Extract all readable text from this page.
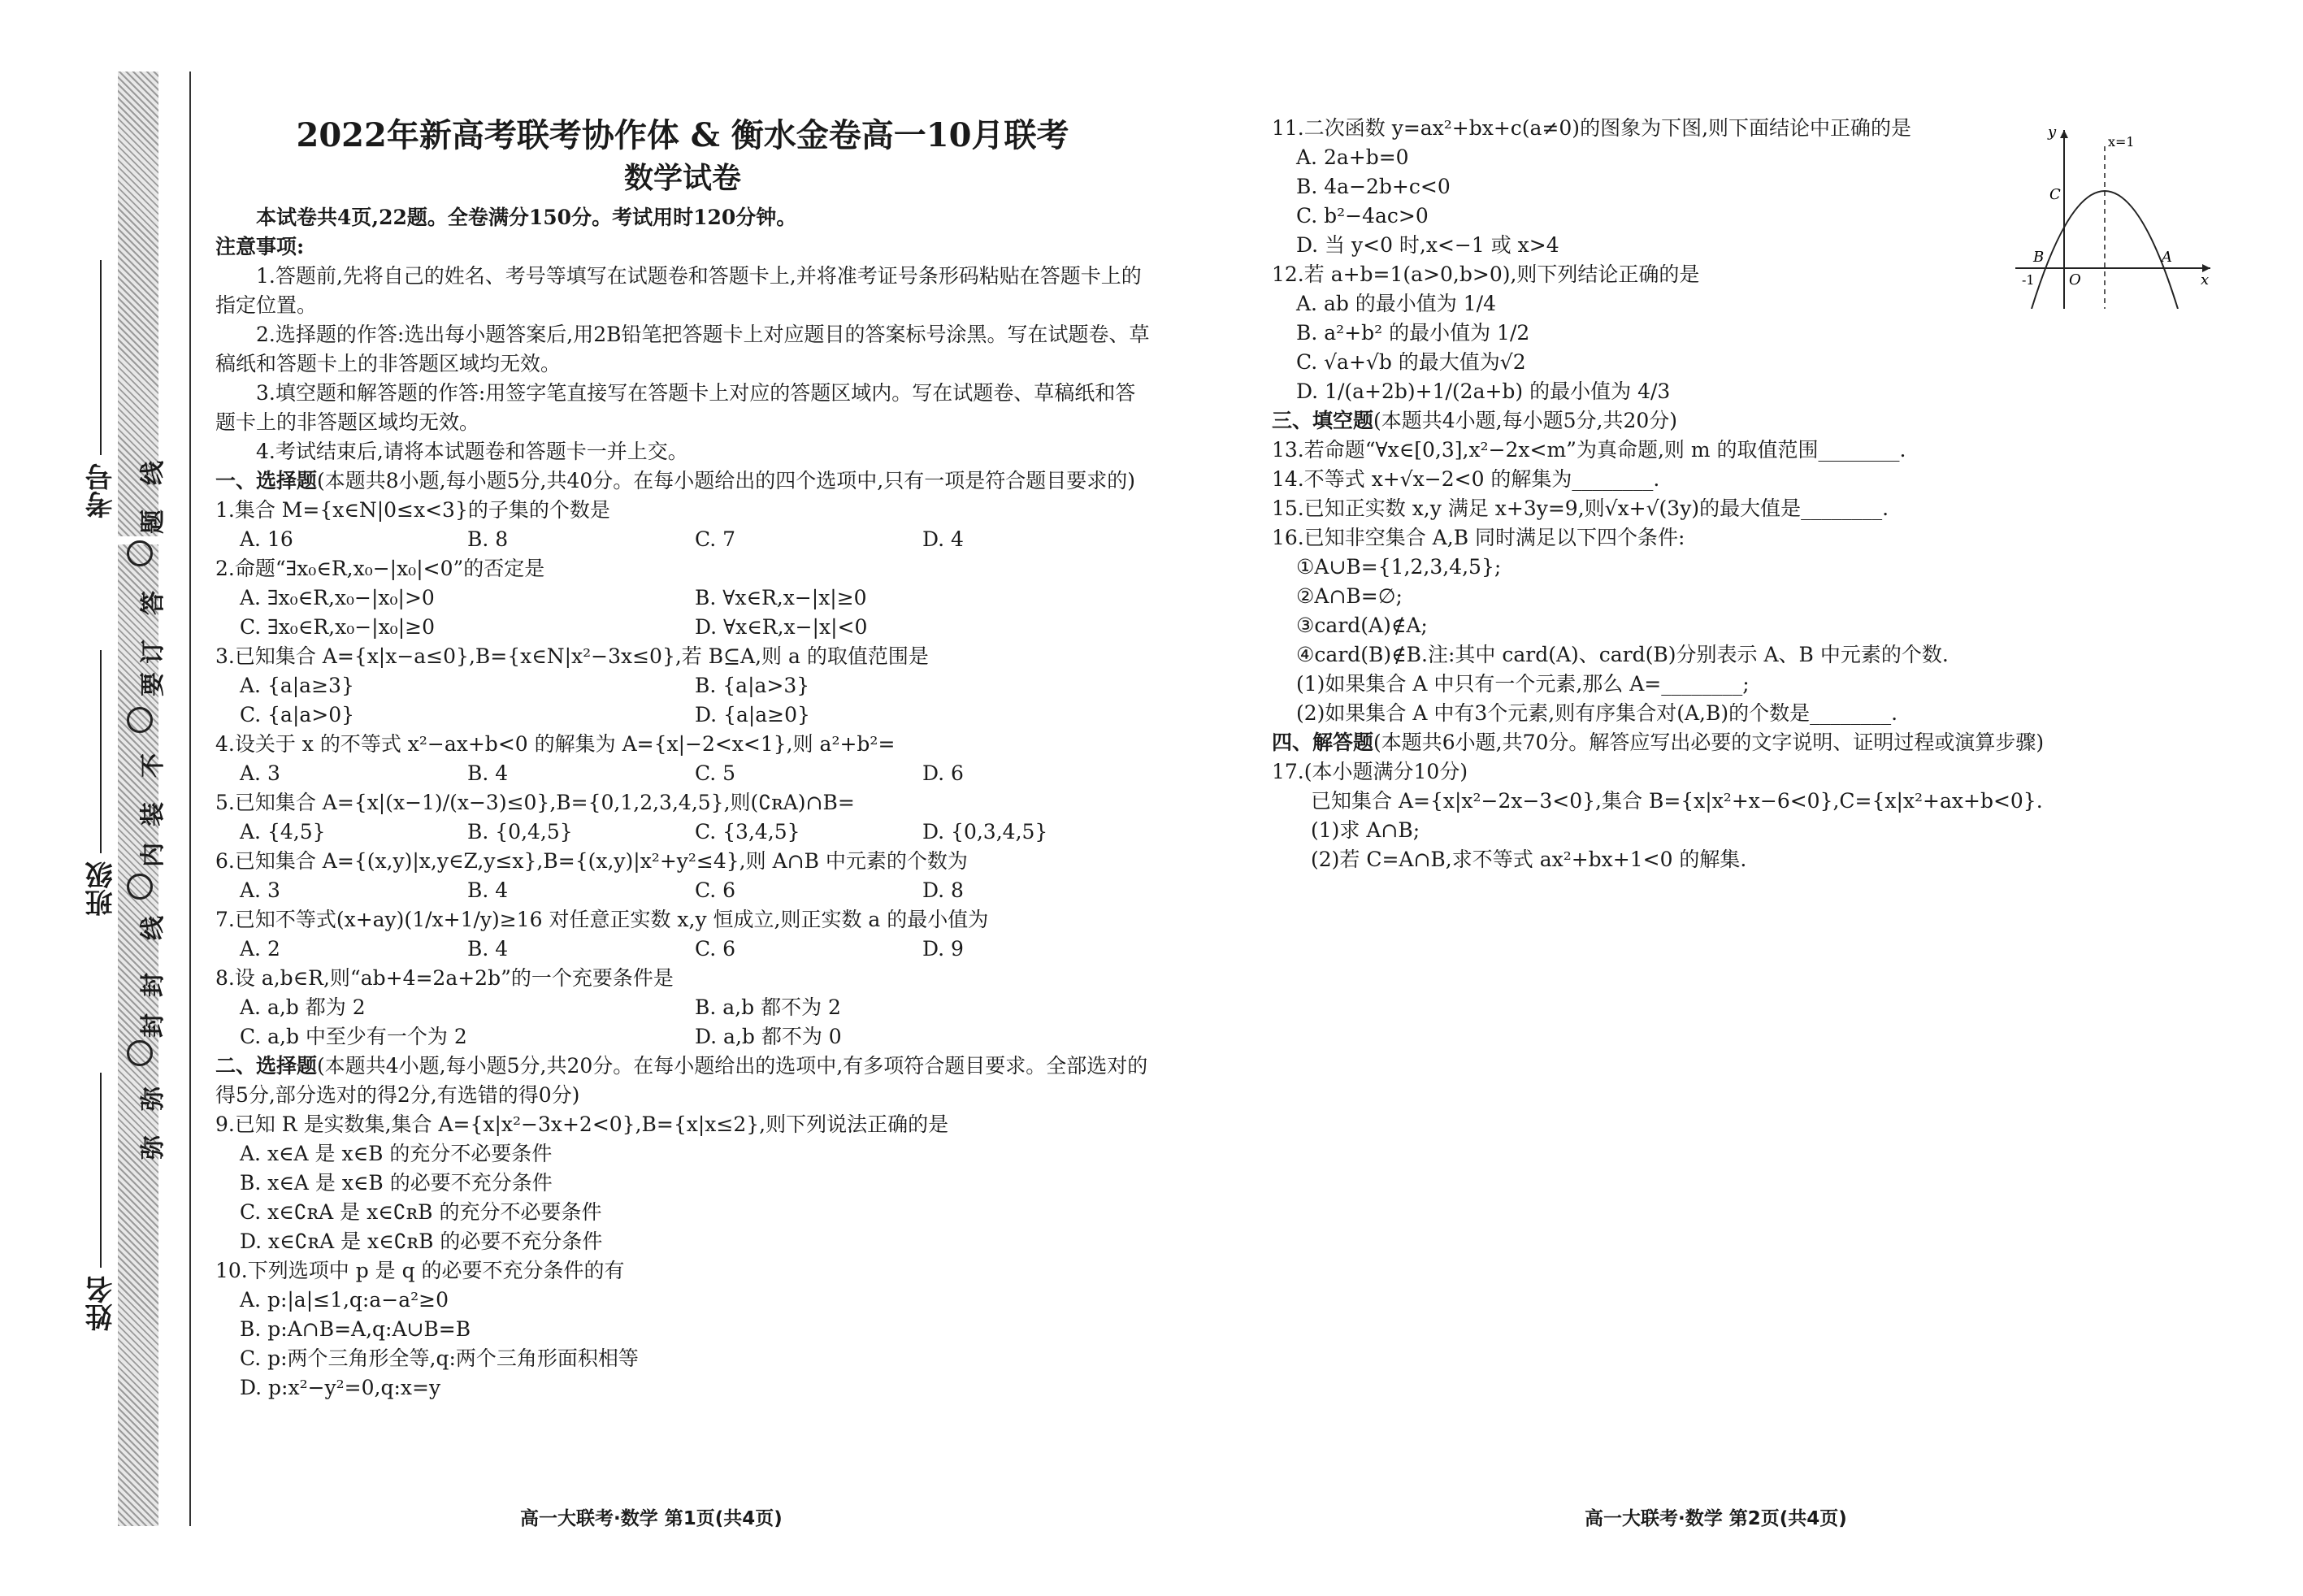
考号
班级
姓名
线
题
答
订
要
不
装
内
线
封
封
弥
弥
2022年新高考联考协作体 & 衡水金卷高一10月联考
数学试卷

本试卷共4页,22题。全卷满分150分。考试用时120分钟。

注意事项:

1.答题前,先将自己的姓名、考号等填写在试题卷和答题卡上,并将准考证号条形码粘贴在答题卡上的指定位置。

2.选择题的作答:选出每小题答案后,用2B铅笔把答题卡上对应题目的答案标号涂黑。写在试题卷、草稿纸和答题卡上的非答题区域均无效。

3.填空题和解答题的作答:用签字笔直接写在答题卡上对应的答题区域内。写在试题卷、草稿纸和答题卡上的非答题区域均无效。

4.考试结束后,请将本试题卷和答题卡一并上交。

一、选择题(本题共8小题,每小题5分,共40分。在每小题给出的四个选项中,只有一项是符合题目要求的)

1.集合 M={x∈N|0≤x<3}的子集的个数是

A. 16	B. 8	C. 7	D. 4

2.命题“∃x₀∈R,x₀−|x₀|<0”的否定是

A. ∃x₀∈R,x₀−|x₀|>0	B. ∀x∈R,x−|x|≥0
C. ∃x₀∈R,x₀−|x₀|≥0	D. ∀x∈R,x−|x|<0

3.已知集合 A={x|x−a≤0},B={x∈N|x²−3x≤0},若 B⊆A,则 a 的取值范围是

A. {a|a≥3}	B. {a|a>3}
C. {a|a>0}	D. {a|a≥0}

4.设关于 x 的不等式 x²−ax+b<0 的解集为 A={x|−2<x<1},则 a²+b²=

A. 3	B. 4	C. 5	D. 6

5.已知集合 A={x|(x−1)/(x−3)≤0},B={0,1,2,3,4,5},则(∁ʀA)∩B=

A. {4,5}	B. {0,4,5}	C. {3,4,5}	D. {0,3,4,5}

6.已知集合 A={(x,y)|x,y∈Z,y≤x},B={(x,y)|x²+y²≤4},则 A∩B 中元素的个数为

A. 3	B. 4	C. 6	D. 8

7.已知不等式(x+ay)(1/x+1/y)≥16 对任意正实数 x,y 恒成立,则正实数 a 的最小值为

A. 2	B. 4	C. 6	D. 9

8.设 a,b∈R,则“ab+4=2a+2b”的一个充要条件是

A. a,b 都为 2	B. a,b 都不为 2
C. a,b 中至少有一个为 2	D. a,b 都不为 0

二、选择题(本题共4小题,每小题5分,共20分。在每小题给出的选项中,有多项符合题目要求。全部选对的得5分,部分选对的得2分,有选错的得0分)

9.已知 R 是实数集,集合 A={x|x²−3x+2<0},B={x|x≤2},则下列说法正确的是

A. x∈A 是 x∈B 的充分不必要条件
B. x∈A 是 x∈B 的必要不充分条件
C. x∈∁ʀA 是 x∈∁ʀB 的充分不必要条件
D. x∈∁ʀA 是 x∈∁ʀB 的必要不充分条件

10.下列选项中 p 是 q 的必要不充分条件的有

A. p:|a|≤1,q:a−a²≥0
B. p:A∩B=A,q:A∪B=B
C. p:两个三角形全等,q:两个三角形面积相等
D. p:x²−y²=0,q:x=y

11.二次函数 y=ax²+bx+c(a≠0)的图象为下图,则下面结论中正确的是

A. 2a+b=0
B. 4a−2b+c<0
C. b²−4ac>0
D. 当 y<0 时,x<−1 或 x>4

12.若 a+b=1(a>0,b>0),则下列结论正确的是

A. ab 的最小值为 1/4
B. a²+b² 的最小值为 1/2
C. √a+√b 的最大值为√2
D. 1/(a+2b)+1/(2a+b) 的最小值为 4/3

三、填空题(本题共4小题,每小题5分,共20分)

13.若命题“∀x∈[0,3],x²−2x<m”为真命题,则 m 的取值范围________.

14.不等式 x+√x−2<0 的解集为________.

15.已知正实数 x,y 满足 x+3y=9,则√x+√(3y)的最大值是________.

16.已知非空集合 A,B 同时满足以下四个条件:

①A∪B={1,2,3,4,5};

②A∩B=∅;

③card(A)∉A;

④card(B)∉B.注:其中 card(A)、card(B)分别表示 A、B 中元素的个数.

(1)如果集合 A 中只有一个元素,那么 A=________;

(2)如果集合 A 中有3个元素,则有序集合对(A,B)的个数是________.

四、解答题(本题共6小题,共70分。解答应写出必要的文字说明、证明过程或演算步骤)

17.(本小题满分10分)

已知集合 A={x|x²−2x−3<0},集合 B={x|x²+x−6<0},C={x|x²+ax+b<0}.

(1)求 A∩B;

(2)若 C=A∩B,求不等式 ax²+bx+1<0 的解集.

y
x
x=1
C
B	A
O
-1
高一大联考·数学 第1页(共4页)	高一大联考·数学 第2页(共4页)
